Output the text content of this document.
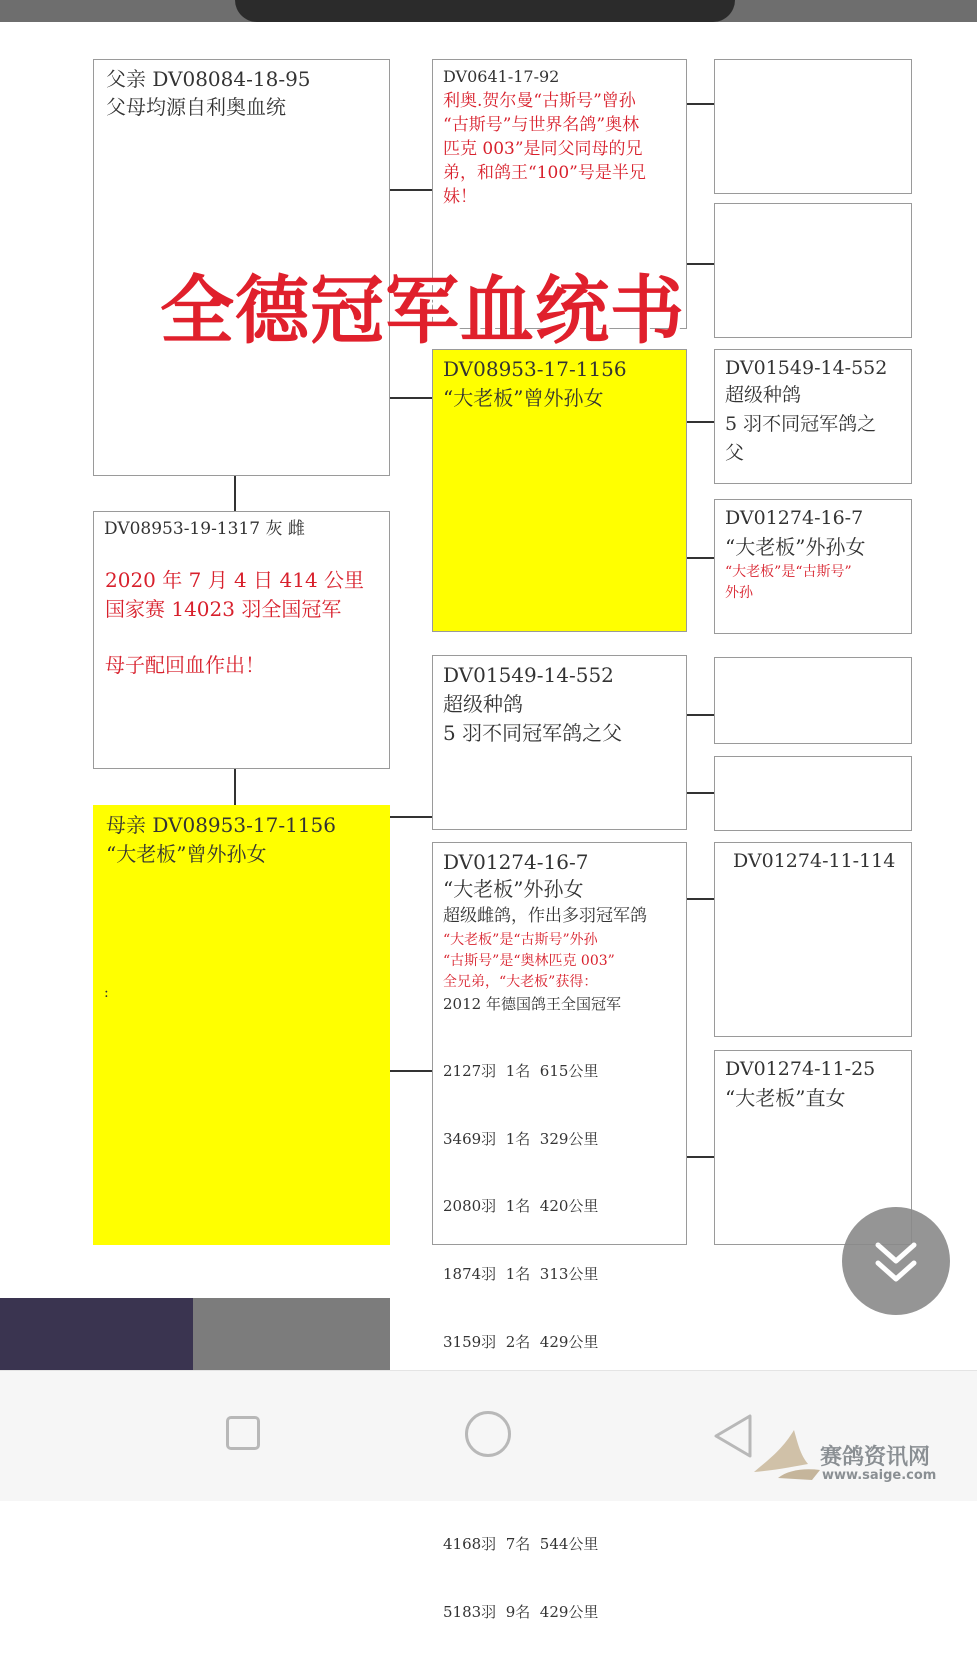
父亲 DV08084-18-95
父母均源自利奥血统
DV08953-19-1317 灰 雌
2020 年 7 月 4 日 414 公里
国家赛 14023 羽全国冠军
母子配回血作出！
母亲 DV08953-17-1156
“大老板”曾外孙女
:
DV0641-17-92
利奥.贺尔曼“古斯号”曾孙
“古斯号”与世界名鸽”奥林
匹克 003”是同父同母的兄
弟，和鸽王“100”号是半兄
妹！
DV08953-17-1156
“大老板”曾外孙女
DV01549-14-552
超级种鸽
5 羽不同冠军鸽之父
DV01274-16-7
“大老板”外孙女
超级雌鸽，作出多羽冠军鸽
“大老板”是“古斯号”外孙
“古斯号”是“奥林匹克 003”
全兄弟，“大老板”获得：
2012 年德国鸽王全国冠军

2127羽  1名  615公里

3469羽  1名  329公里

2080羽  1名  420公里

1874羽  1名  313公里

3159羽  2名  429公里

4168羽  7名  544公里

5183羽  9名  429公里

DV01549-14-552
超级种鸽
5 羽不同冠军鸽之
父
DV01274-16-7
“大老板”外孙女
“大老板”是“古斯号”
外孙
DV01274-11-114
DV01274-11-25
“大老板”直女
全德冠军血统书
赛鸽资讯网
www.saige.com
